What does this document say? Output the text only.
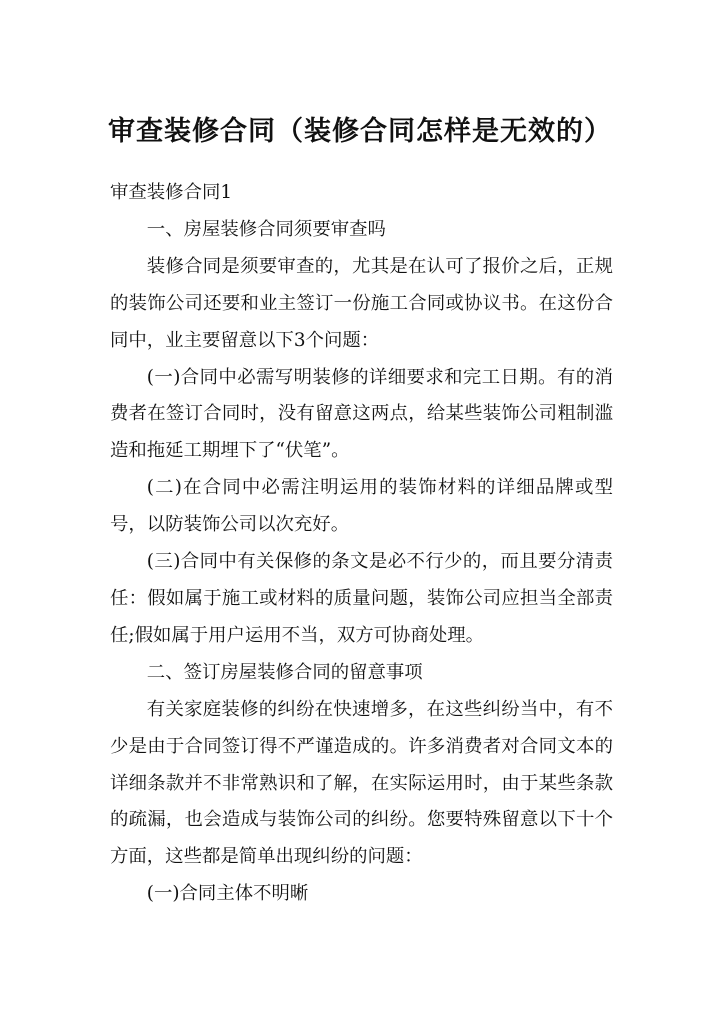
审查装修合同（装修合同怎样是无效的）

审查装修合同1

一、房屋装修合同须要审查吗

装修合同是须要审查的，尤其是在认可了报价之后，正规的装饰公司还要和业主签订一份施工合同或协议书。在这份合同中，业主要留意以下3个问题：

(一)合同中必需写明装修的详细要求和完工日期。有的消费者在签订合同时，没有留意这两点，给某些装饰公司粗制滥造和拖延工期埋下了“伏笔”。

(二)在合同中必需注明运用的装饰材料的详细品牌或型号，以防装饰公司以次充好。

(三)合同中有关保修的条文是必不行少的，而且要分清责任：假如属于施工或材料的质量问题，装饰公司应担当全部责任;假如属于用户运用不当，双方可协商处理。

二、签订房屋装修合同的留意事项

有关家庭装修的纠纷在快速增多，在这些纠纷当中，有不少是由于合同签订得不严谨造成的。许多消费者对合同文本的详细条款并不非常熟识和了解，在实际运用时，由于某些条款的疏漏，也会造成与装饰公司的纠纷。您要特殊留意以下十个方面，这些都是简单出现纠纷的问题：

(一)合同主体不明晰
